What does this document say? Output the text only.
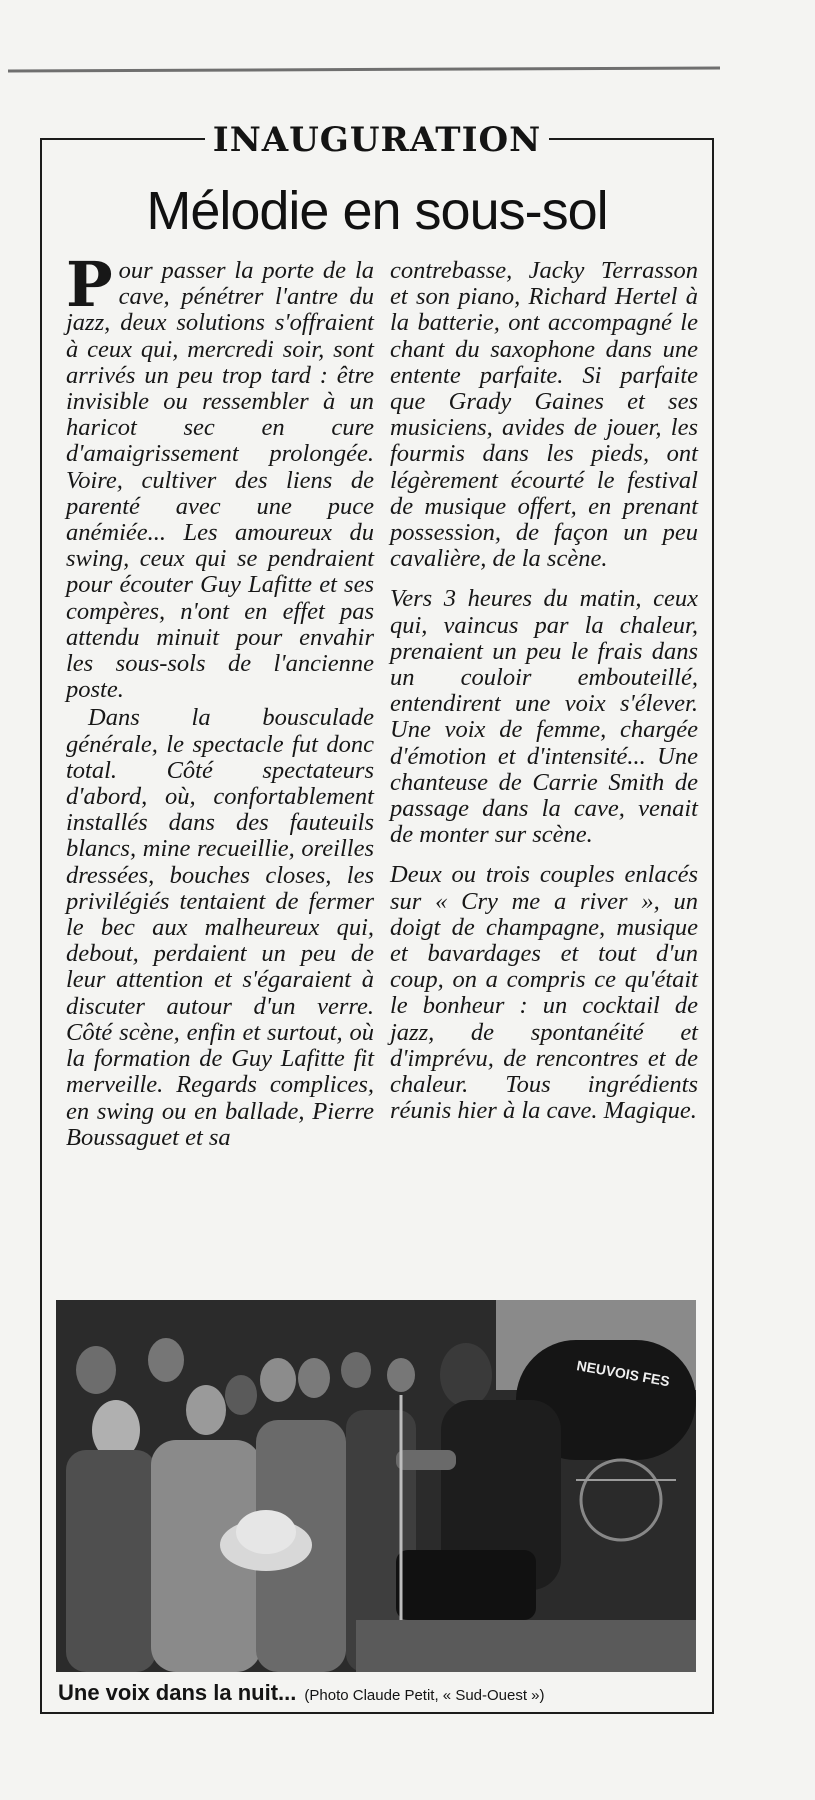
INAUGURATION
Mélodie en sous-sol

Pour passer la porte de la cave, pénétrer l'antre du jazz, deux solutions s'offraient à ceux qui, mercredi soir, sont arrivés un peu trop tard : être invisible ou ressembler à un haricot sec en cure d'amaigrissement prolongée. Voire, cultiver des liens de parenté avec une puce anémiée... Les amoureux du swing, ceux qui se pendraient pour écouter Guy Lafitte et ses compères, n'ont en effet pas attendu minuit pour envahir les sous-sols de l'ancienne poste.

Dans la bousculade générale, le spectacle fut donc total. Côté spectateurs d'abord, où, confortablement installés dans des fauteuils blancs, mine recueillie, oreilles dressées, bouches closes, les privilégiés tentaient de fermer le bec aux malheureux qui, debout, perdaient un peu de leur attention et s'égaraient à discuter autour d'un verre. Côté scène, enfin et surtout, où la formation de Guy Lafitte fit merveille. Regards complices, en swing ou en ballade, Pierre Boussaguet et sa

contrebasse, Jacky Terrasson et son piano, Richard Hertel à la batterie, ont accompagné le chant du saxophone dans une entente parfaite. Si parfaite que Grady Gaines et ses musiciens, avides de jouer, les fourmis dans les pieds, ont légèrement écourté le festival de musique offert, en prenant possession, de façon un peu cavalière, de la scène.

Vers 3 heures du matin, ceux qui, vaincus par la chaleur, prenaient un peu le frais dans un couloir embouteillé, entendirent une voix s'élever. Une voix de femme, chargée d'émotion et d'intensité... Une chanteuse de Carrie Smith de passage dans la cave, venait de monter sur scène.

Deux ou trois couples enlacés sur « Cry me a river », un doigt de champagne, musique et bavardages et tout d'un coup, on a compris ce qu'était le bonheur : un cocktail de jazz, de spontanéité et d'imprévu, de rencontres et de chaleur. Tous ingrédients réunis hier à la cave. Magique.

NEUVOIS FES
Une voix dans la nuit... (Photo Claude Petit, « Sud-Ouest »)
